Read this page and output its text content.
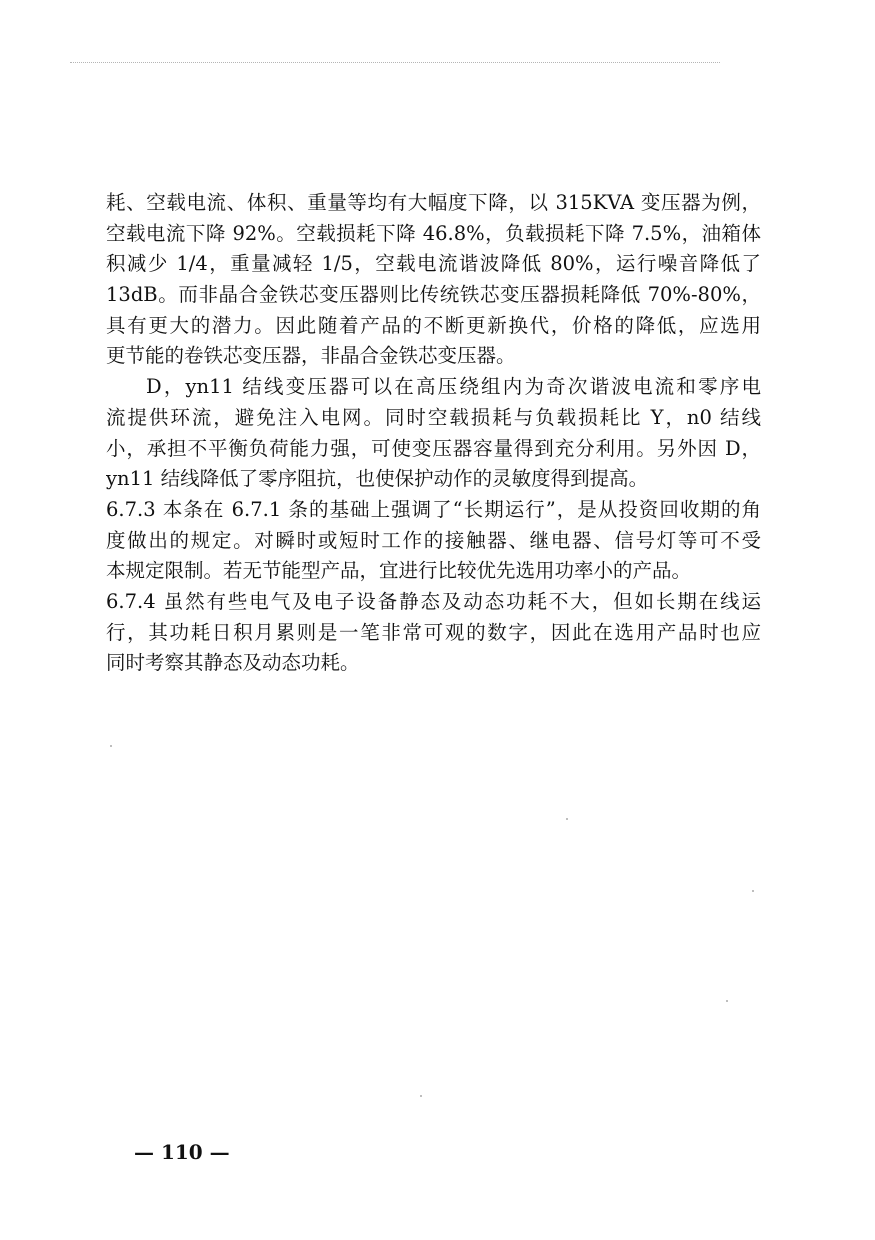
耗、空载电流、体积、重量等均有大幅度下降，以 315KVA 变压器为例，
空载电流下降 92%。空载损耗下降 46.8%，负载损耗下降 7.5%，油箱体
积减少 1/4，重量减轻 1/5，空载电流谐波降低 80%，运行噪音降低了
13dB。而非晶合金铁芯变压器则比传统铁芯变压器损耗降低 70%-80%，
具有更大的潜力。因此随着产品的不断更新换代，价格的降低，应选用
更节能的卷铁芯变压器，非晶合金铁芯变压器。
D，yn11 结线变压器可以在高压绕组内为奇次谐波电流和零序电
流提供环流，避免注入电网。同时空载损耗与负载损耗比 Y，n0 结线
小，承担不平衡负荷能力强，可使变压器容量得到充分利用。另外因 D，
yn11 结线降低了零序阻抗，也使保护动作的灵敏度得到提高。
6.7.3 本条在 6.7.1 条的基础上强调了“长期运行”，是从投资回收期的角
度做出的规定。对瞬时或短时工作的接触器、继电器、信号灯等可不受
本规定限制。若无节能型产品，宜进行比较优先选用功率小的产品。
6.7.4 虽然有些电气及电子设备静态及动态功耗不大，但如长期在线运
行，其功耗日积月累则是一笔非常可观的数字，因此在选用产品时也应
同时考察其静态及动态功耗。
— 110 —
